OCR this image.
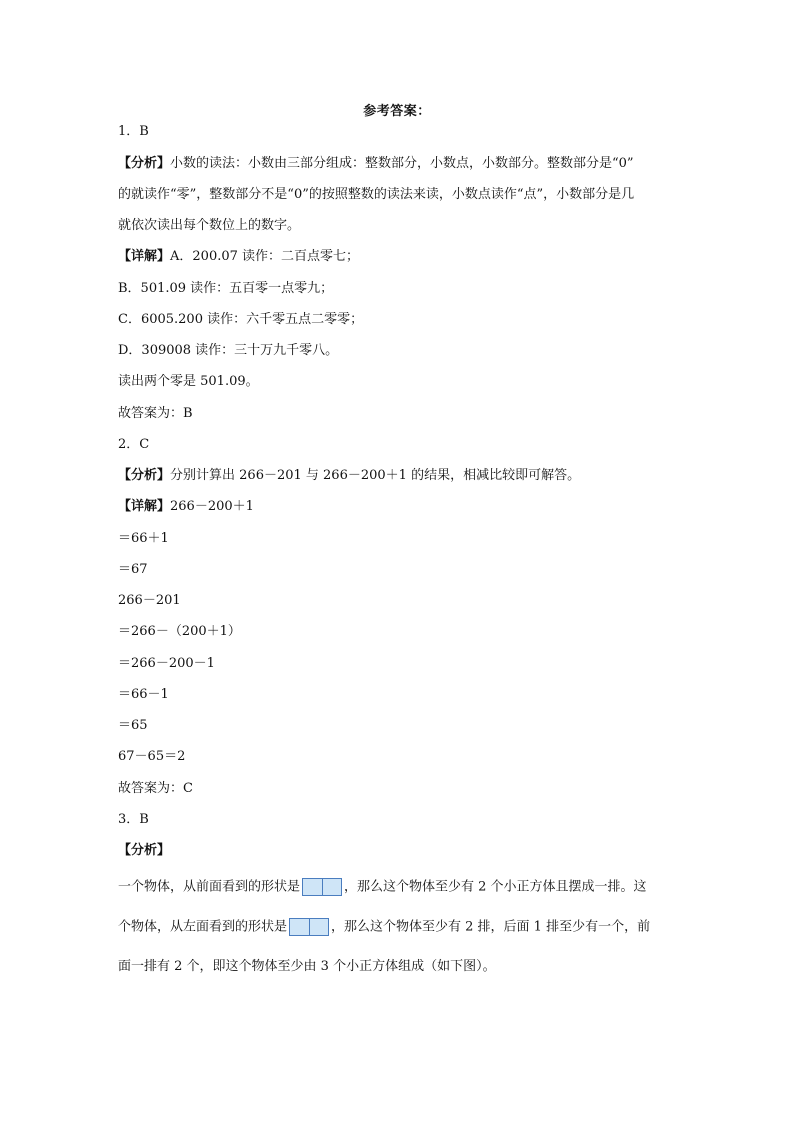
参考答案：
1．B
【分析】小数的读法：小数由三部分组成：整数部分，小数点，小数部分。整数部分是“0”
的就读作“零”，整数部分不是“0”的按照整数的读法来读，小数点读作“点”，小数部分是几
就依次读出每个数位上的数字。
【详解】A．200.07 读作：二百点零七；
B．501.09 读作：五百零一点零九；
C．6005.200 读作：六千零五点二零零；
D．309008 读作：三十万九千零八。
读出两个零是 501.09。
故答案为：B
2．C
【分析】分别计算出 266－201 与 266－200＋1 的结果，相减比较即可解答。
【详解】266－200＋1
＝66＋1
＝67
266－201
＝266－（200＋1）
＝266－200－1
＝66－1
＝65
67－65＝2
故答案为：C
3．B
【分析】
一个物体，从前面看到的形状是	，那么这个物体至少有 2 个小正方体且摆成一排。这
个物体，从左面看到的形状是	，那么这个物体至少有 2 排，后面 1 排至少有一个，前
面一排有 2 个，即这个物体至少由 3 个小正方体组成（如下图）。
